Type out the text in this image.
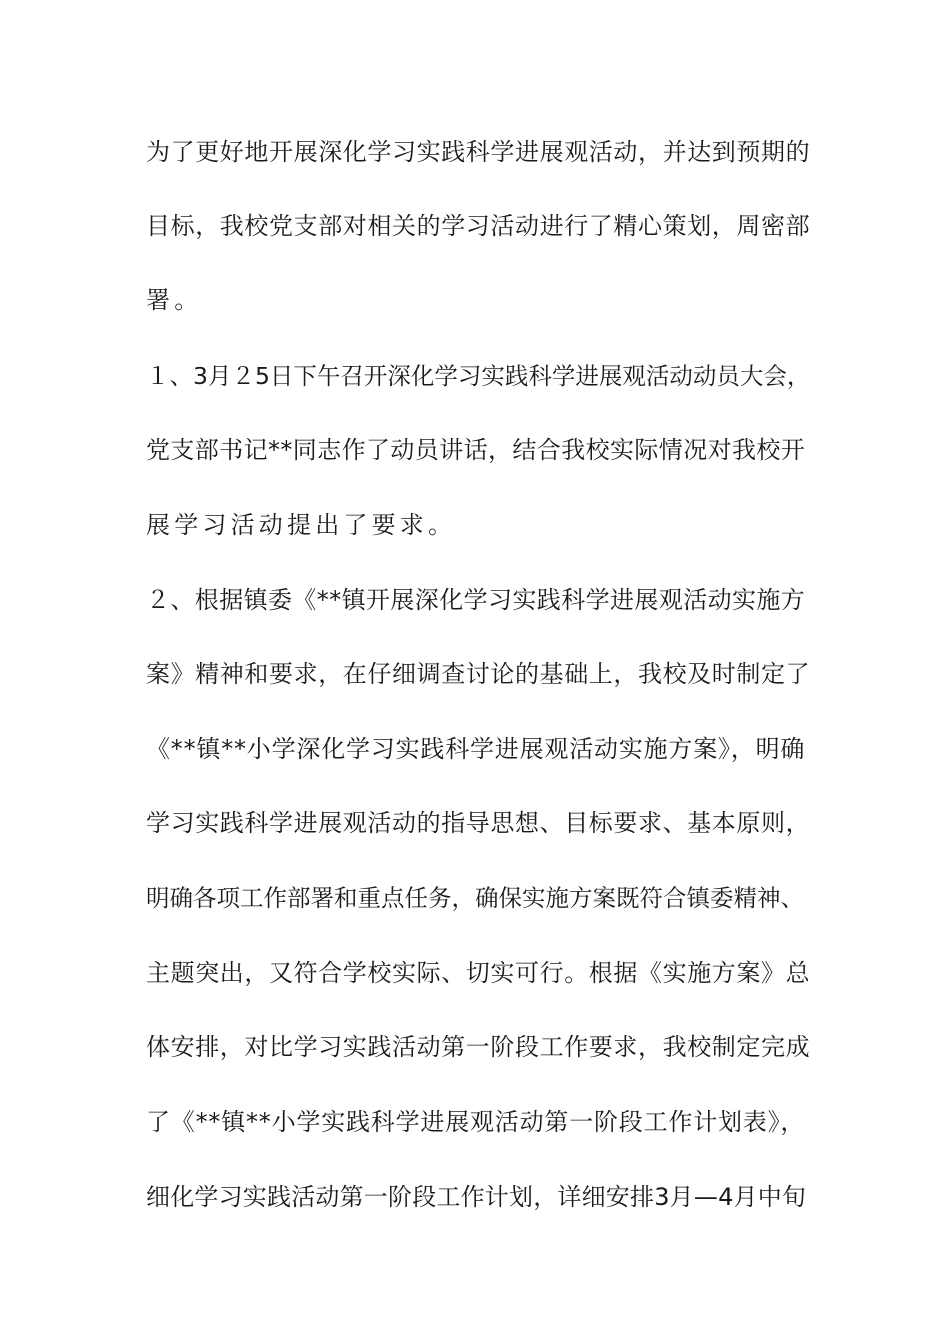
为了更好地开展深化学习实践科学进展观活动，并达到预期的
目标，我校党支部对相关的学习活动进行了精心策划，周密部
署。
１、3月２5日下午召开深化学习实践科学进展观活动动员大会，
党支部书记**同志作了动员讲话，结合我校实际情况对我校开
展学习活动提出了要求。
２、根据镇委《**镇开展深化学习实践科学进展观活动实施方
案》精神和要求，在仔细调查讨论的基础上，我校及时制定了
《**镇**小学深化学习实践科学进展观活动实施方案》，明确
学习实践科学进展观活动的指导思想、目标要求、基本原则，
明确各项工作部署和重点任务，确保实施方案既符合镇委精神、
主题突出，又符合学校实际、切实可行。根据《实施方案》总
体安排，对比学习实践活动第一阶段工作要求，我校制定完成
了《**镇**小学实践科学进展观活动第一阶段工作计划表》，
细化学习实践活动第一阶段工作计划，详细安排3月—4月中旬
